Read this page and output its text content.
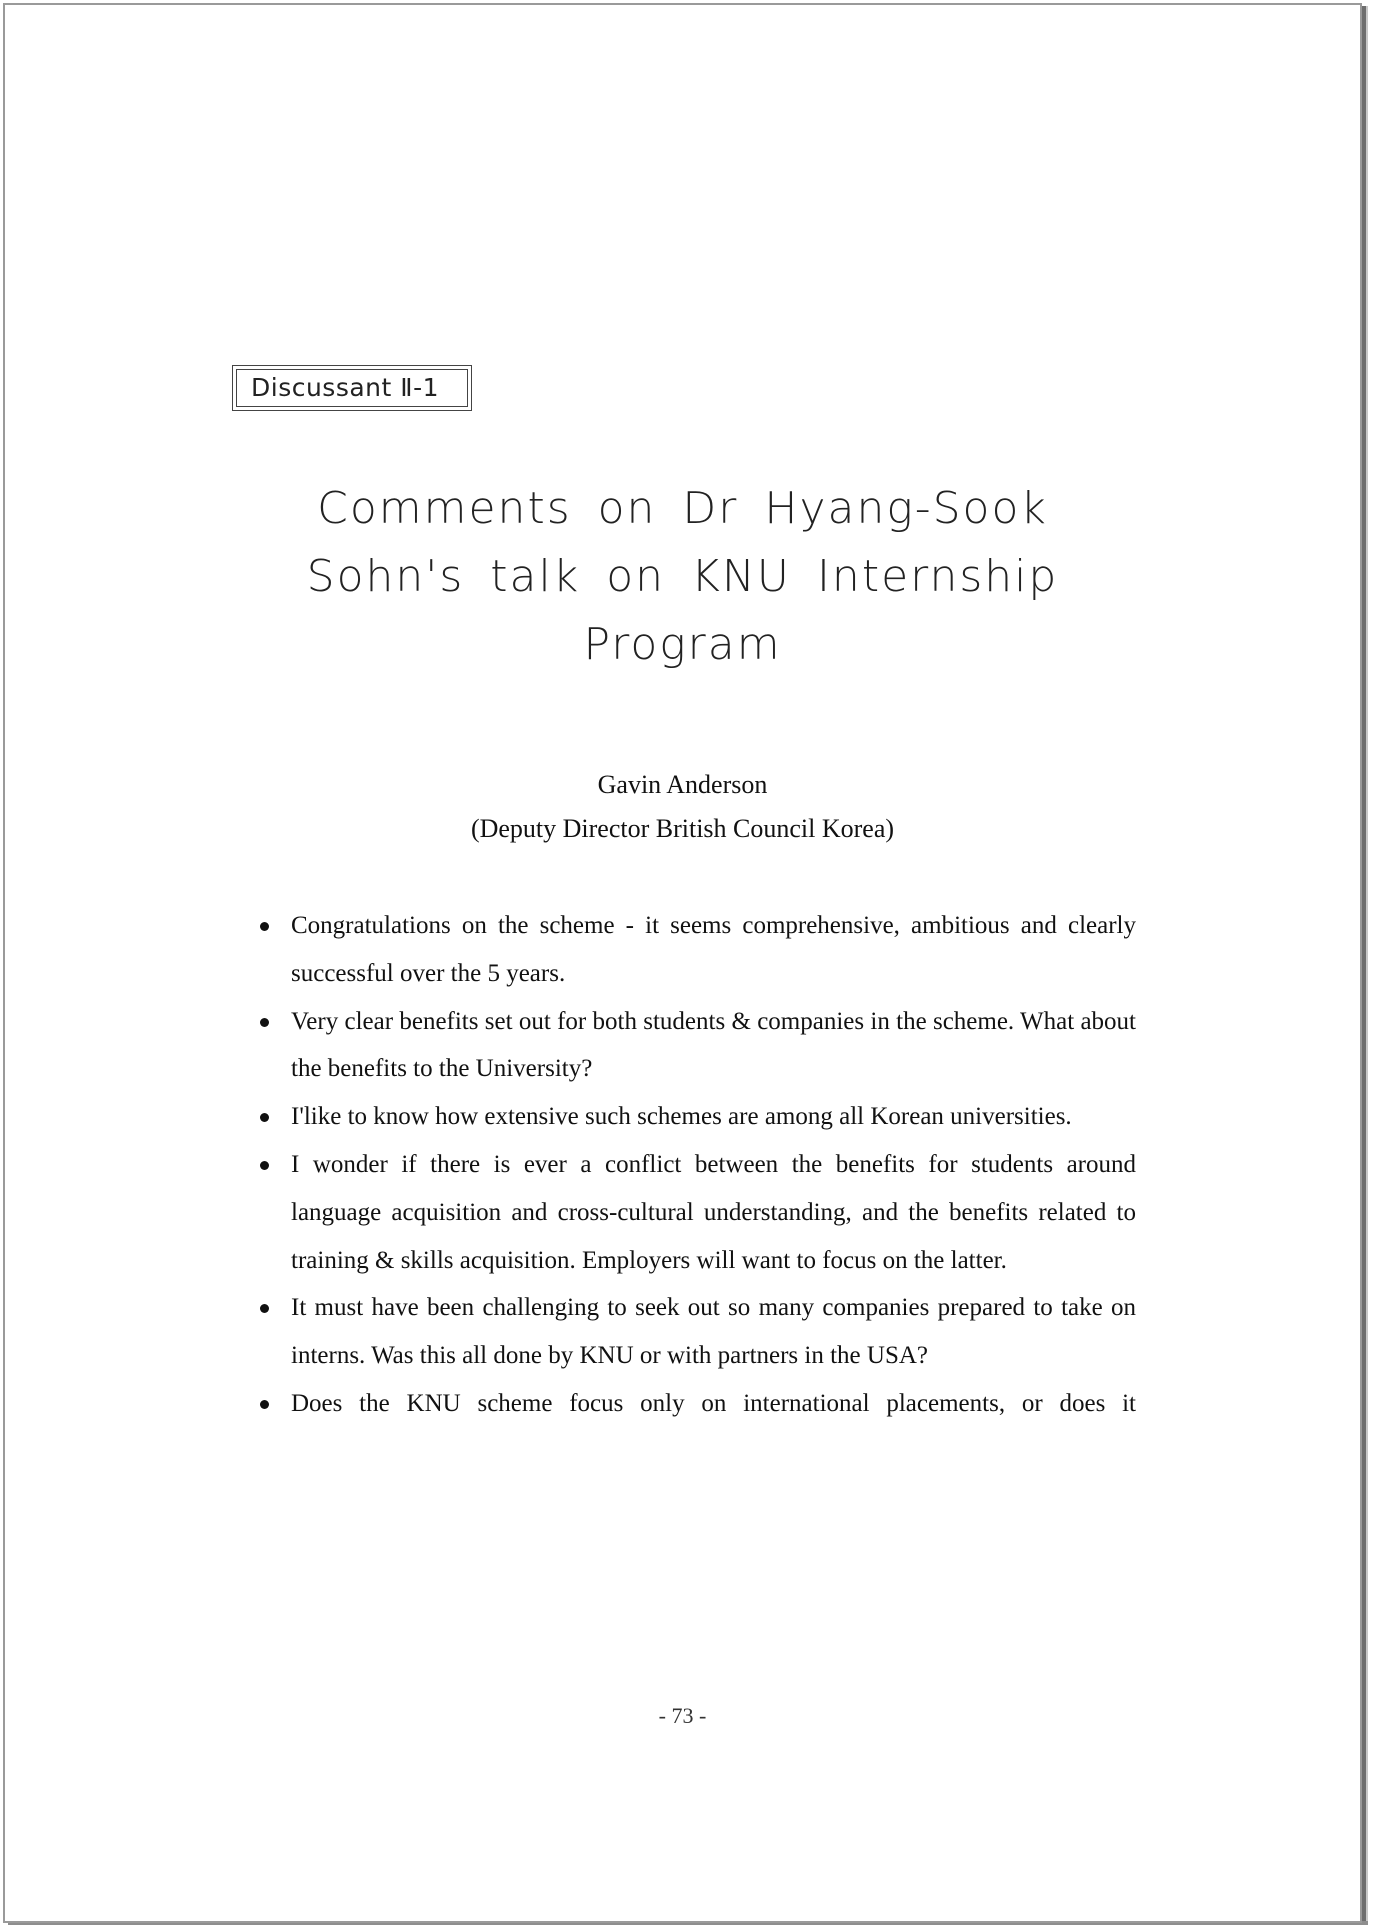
Discussant Ⅱ-1
Comments on Dr Hyang-Sook
Sohn's talk on KNU Internship
Program
Gavin Anderson
(Deputy Director British Council Korea)
Congratulations on the scheme - it seems comprehensive, ambitious and clearly successful over the 5 years.
Very clear benefits set out for both students & companies in the scheme. What about the benefits to the University?
I'like to know how extensive such schemes are among all Korean universities.
I wonder if there is ever a conflict between the benefits for students around language acquisition and cross-cultural understanding, and the benefits related to training & skills acquisition. Employers will want to focus on the latter.
It must have been challenging to seek out so many companies prepared to take on interns. Was this all done by KNU or with partners in the USA?
Does the KNU scheme focus only on international placements, or does it
- 73 -
